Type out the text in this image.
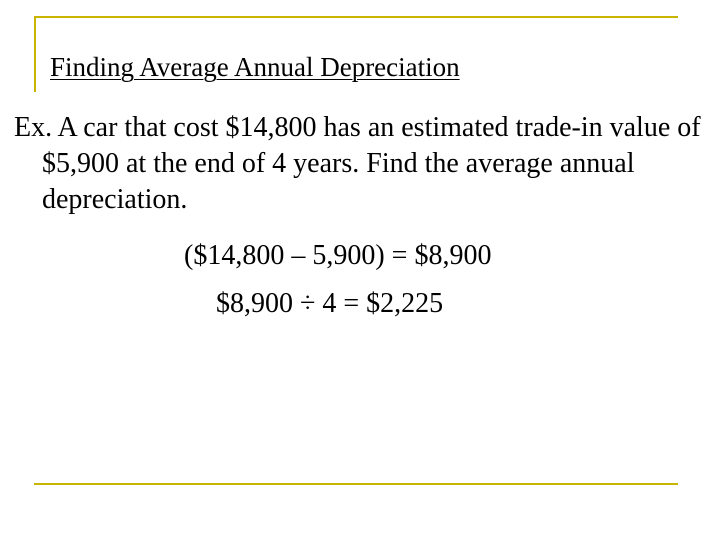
Finding Average Annual Depreciation

Ex. A car that cost $14,800 has an estimated trade-in value of $5,900 at the end of 4 years. Find the average annual depreciation.

($14,800 – 5,900) = $8,900
$8,900 ÷ 4 = $2,225
